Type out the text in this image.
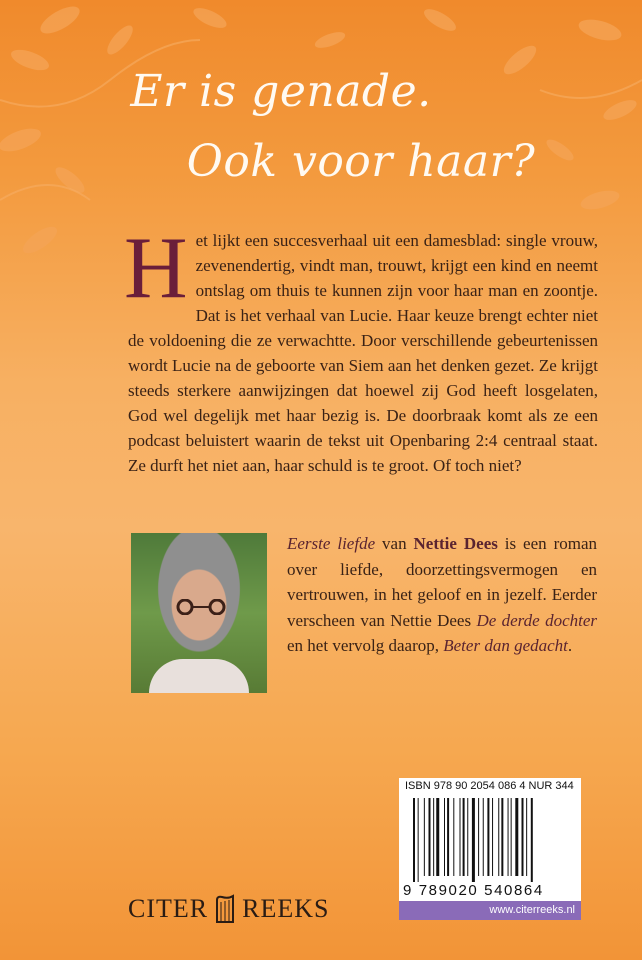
Er is genade.
Ook voor haar?
Het lijkt een succesverhaal uit een damesblad: single vrouw, zevenendertig, vindt man, trouwt, krijgt een kind en neemt ontslag om thuis te kunnen zijn voor haar man en zoontje. Dat is het verhaal van Lucie. Haar keuze brengt echter niet de voldoening die ze verwachtte. Door verschillende gebeurtenissen wordt Lucie na de geboorte van Siem aan het denken gezet. Ze krijgt steeds sterkere aanwijzingen dat hoewel zij God heeft losgelaten, God wel degelijk met haar bezig is. De doorbraak komt als ze een podcast beluistert waarin de tekst uit Openbaring 2:4 centraal staat. Ze durft het niet aan, haar schuld is te groot. Of toch niet?
Eerste liefde van Nettie Dees is een roman over liefde, doorzettingsvermogen en vertrouwen, in het geloof en in jezelf. Eerder verscheen van Nettie Dees De derde dochter en het vervolg daarop, Beter dan gedacht.
ISBN 978 90 2054 086 4 NUR 344
9 789020 540864
www.citerreeks.nl
CITER REEKS
